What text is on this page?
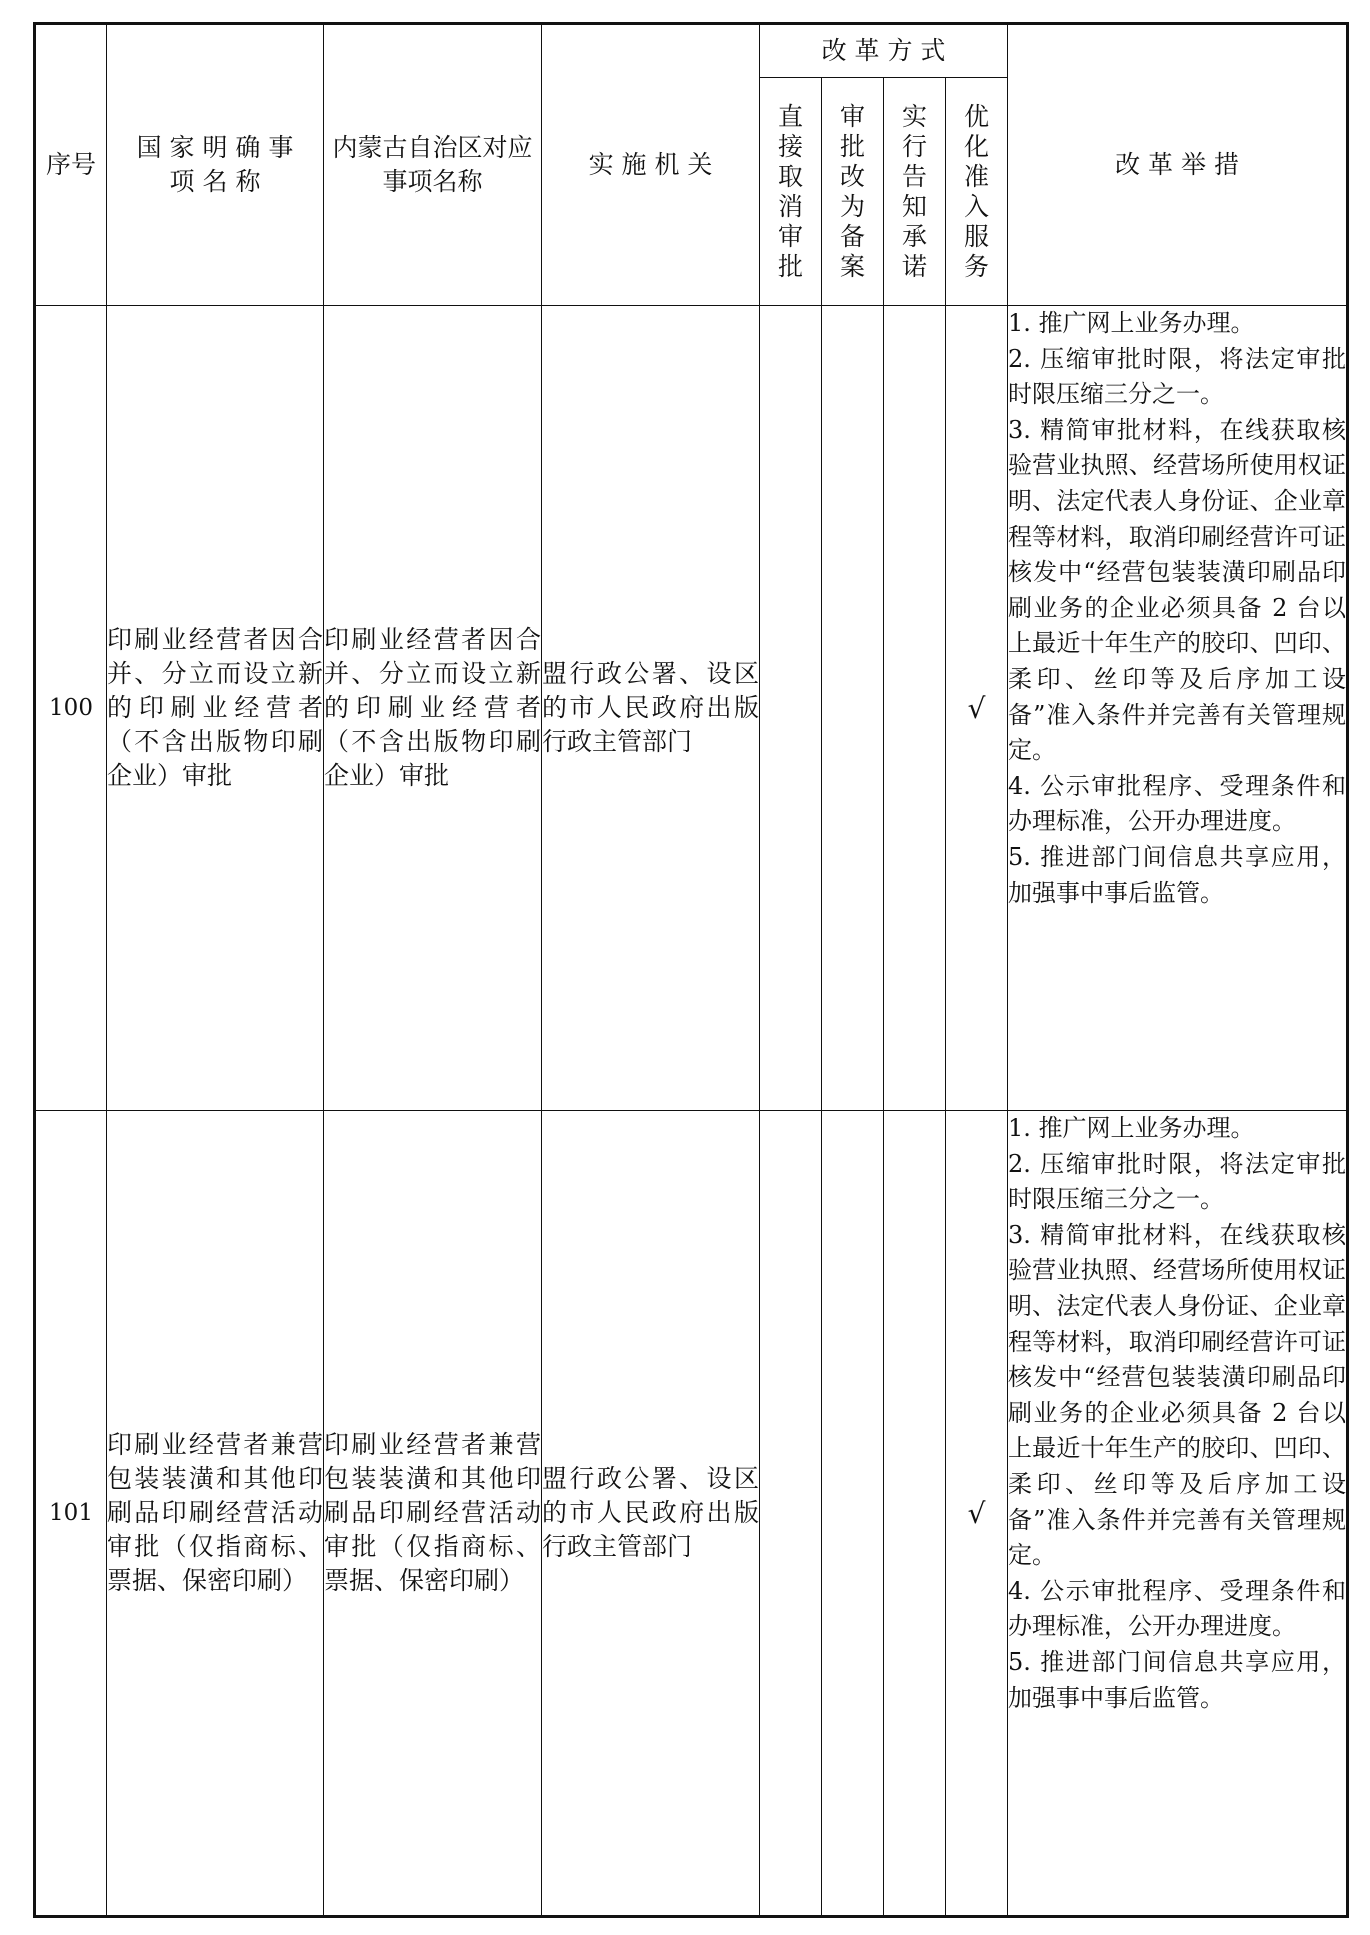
序号	国 家 明 确 事 项 名 称	内蒙古自治区对应事项名称	实 施 机 关	改 革 方 式				改 革 举 措

				直接取消审批	审批改为备案	实行告知承诺	优化准入服务	

100	印刷业经营者因合并、分立而设立新的印刷业经营者（不含出版物印刷企业）审批	印刷业经营者因合并、分立而设立新的印刷业经营者（不含出版物印刷企业）审批	盟行政公署、设区的市人民政府出版行政主管部门				√	1. 推广网上业务办理。
2. 压缩审批时限，将法定审批时限压缩三分之一。
3. 精简审批材料，在线获取核验营业执照、经营场所使用权证明、法定代表人身份证、企业章程等材料，取消印刷经营许可证核发中“经营包装装潢印刷品印刷业务的企业必须具备 2 台以上最近十年生产的胶印、凹印、柔印、丝印等及后序加工设备”准入条件并完善有关管理规定。
4. 公示审批程序、受理条件和办理标准，公开办理进度。
5. 推进部门间信息共享应用，加强事中事后监管。

101	印刷业经营者兼营包装装潢和其他印刷品印刷经营活动审批（仅指商标、票据、保密印刷）	印刷业经营者兼营包装装潢和其他印刷品印刷经营活动审批（仅指商标、票据、保密印刷）	盟行政公署、设区的市人民政府出版行政主管部门				√	1. 推广网上业务办理。
2. 压缩审批时限，将法定审批时限压缩三分之一。
3. 精简审批材料，在线获取核验营业执照、经营场所使用权证明、法定代表人身份证、企业章程等材料，取消印刷经营许可证核发中“经营包装装潢印刷品印刷业务的企业必须具备 2 台以上最近十年生产的胶印、凹印、柔印、丝印等及后序加工设备”准入条件并完善有关管理规定。
4. 公示审批程序、受理条件和办理标准，公开办理进度。
5. 推进部门间信息共享应用，加强事中事后监管。
